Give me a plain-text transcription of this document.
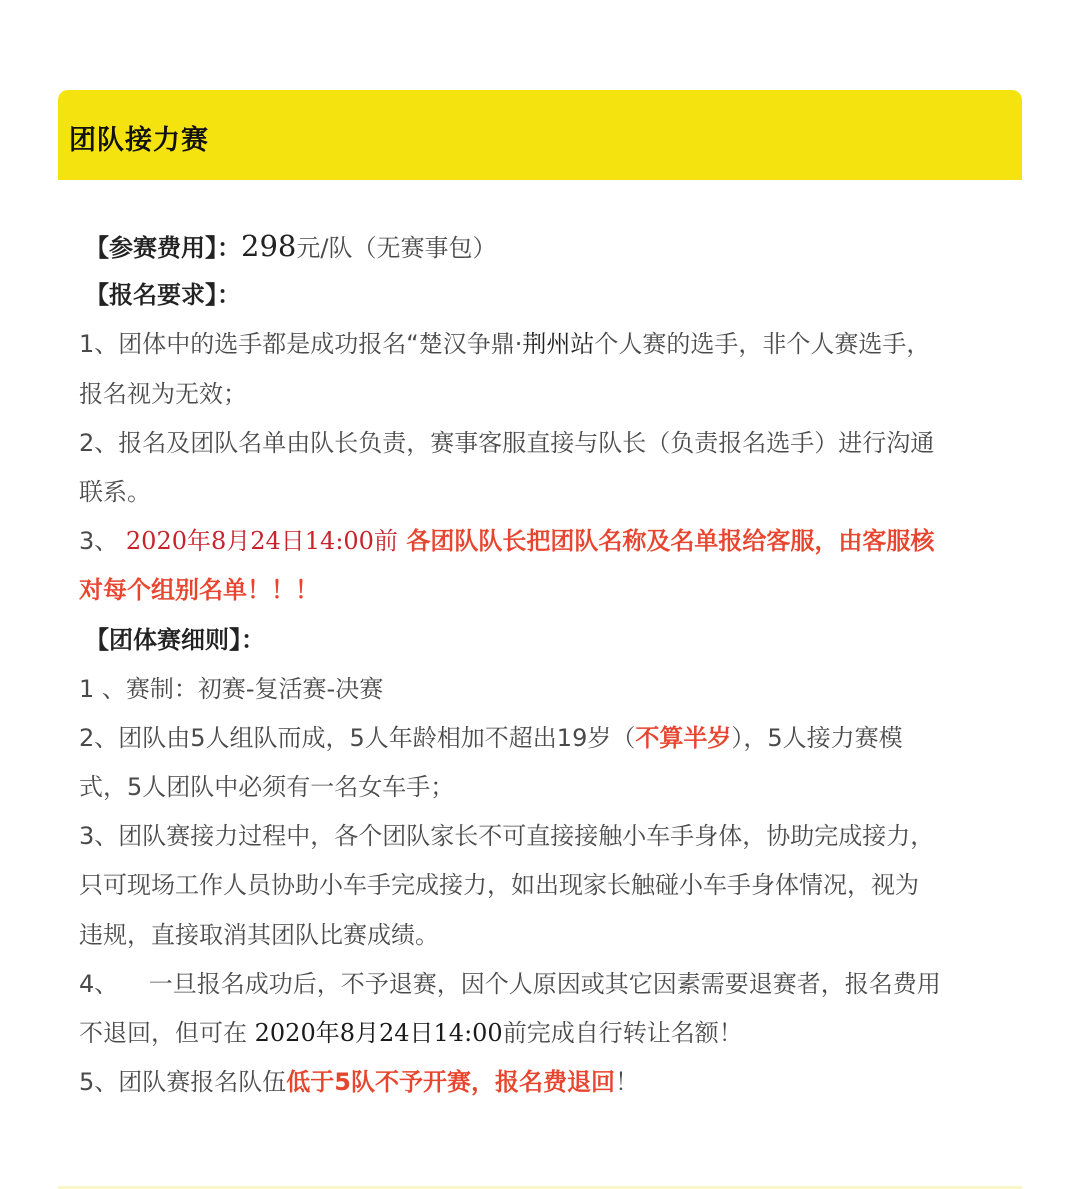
团队接力赛
【参赛费用】：298元/队（无赛事包）
【报名要求】：
1、团体中的选手都是成功报名“楚汉争鼎·荆州站个人赛的选手，非个人赛选手，
报名视为无效；
2、报名及团队名单由队长负责，赛事客服直接与队长（负责报名选手）进行沟通
联系。
3、 2020年8月24日14:00前 各团队队长把团队名称及名单报给客服，由客服核
对每个组别名单！！！
【团体赛细则】：
1 、赛制：初赛-复活赛-决赛
2、团队由5人组队而成，5人年龄相加不超出19岁（不算半岁），5人接力赛模
式，5人团队中必须有一名女车手；
3、团队赛接力过程中，各个团队家长不可直接接触小车手身体，协助完成接力，
只可现场工作人员协助小车手完成接力，如出现家长触碰小车手身体情况，视为
违规，直接取消其团队比赛成绩。
4、    一旦报名成功后，不予退赛，因个人原因或其它因素需要退赛者，报名费用
不退回，但可在 2020年8月24日14:00前完成自行转让名额！
5、团队赛报名队伍低于5队不予开赛，报名费退回！
